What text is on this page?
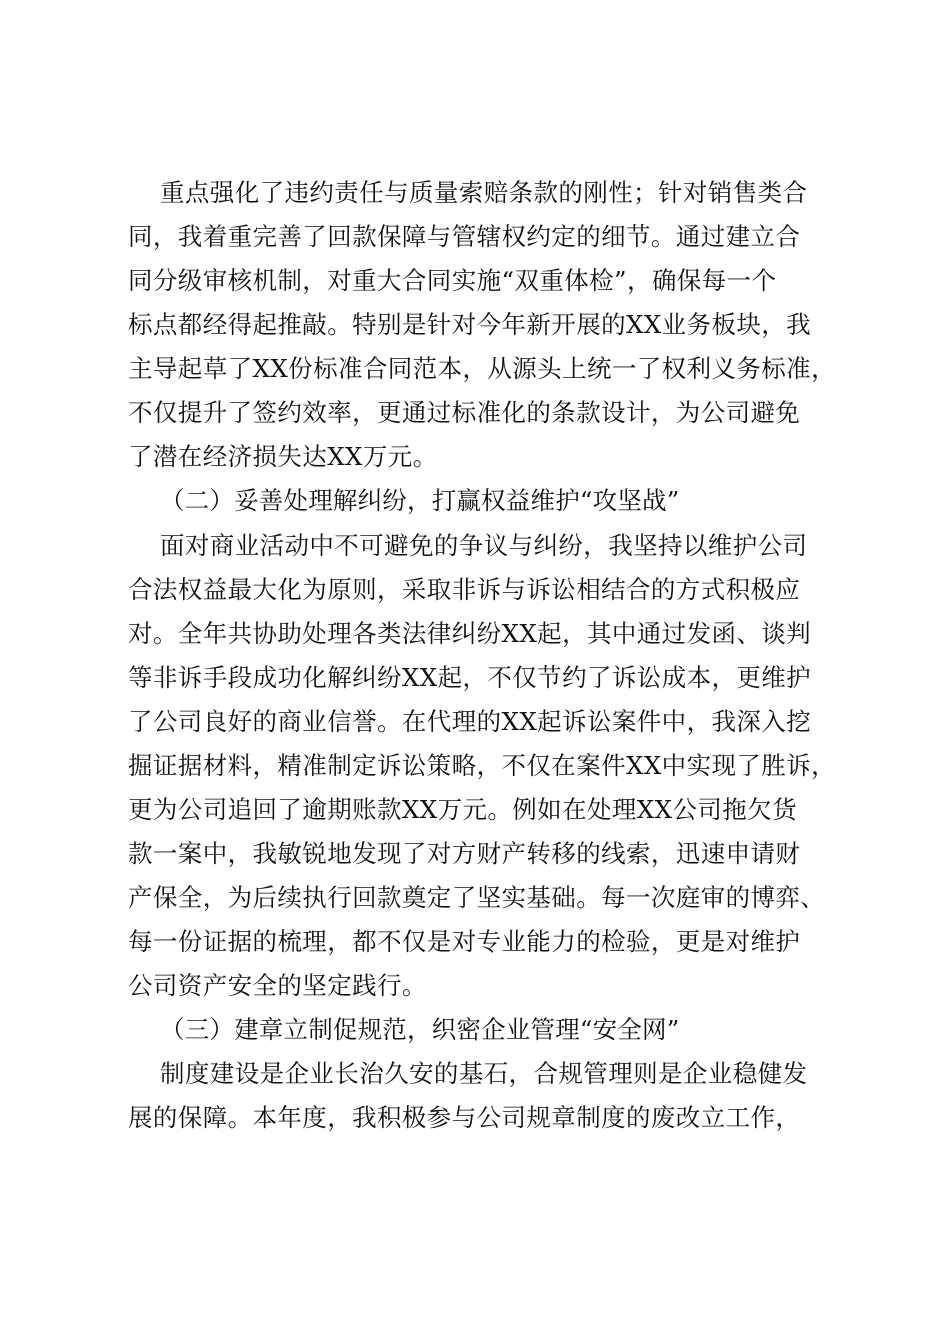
重点强化了违约责任与质量索赔条款的刚性；针对销售类合
同，我着重完善了回款保障与管辖权约定的细节。通过建立合
同分级审核机制，对重大合同实施“双重体检”，确保每一个
标点都经得起推敲。特别是针对今年新开展的XX业务板块，我
主导起草了XX份标准合同范本，从源头上统一了权利义务标准，
不仅提升了签约效率，更通过标准化的条款设计，为公司避免
了潜在经济损失达XX万元。
（二）妥善处理解纠纷，打赢权益维护“攻坚战”
面对商业活动中不可避免的争议与纠纷，我坚持以维护公司
合法权益最大化为原则，采取非诉与诉讼相结合的方式积极应
对。全年共协助处理各类法律纠纷XX起，其中通过发函、谈判
等非诉手段成功化解纠纷XX起，不仅节约了诉讼成本，更维护
了公司良好的商业信誉。在代理的XX起诉讼案件中，我深入挖
掘证据材料，精准制定诉讼策略，不仅在案件XX中实现了胜诉，
更为公司追回了逾期账款XX万元。例如在处理XX公司拖欠货
款一案中，我敏锐地发现了对方财产转移的线索，迅速申请财
产保全，为后续执行回款奠定了坚实基础。每一次庭审的博弈、
每一份证据的梳理，都不仅是对专业能力的检验，更是对维护
公司资产安全的坚定践行。
（三）建章立制促规范，织密企业管理“安全网”
制度建设是企业长治久安的基石，合规管理则是企业稳健发
展的保障。本年度，我积极参与公司规章制度的废改立工作，
